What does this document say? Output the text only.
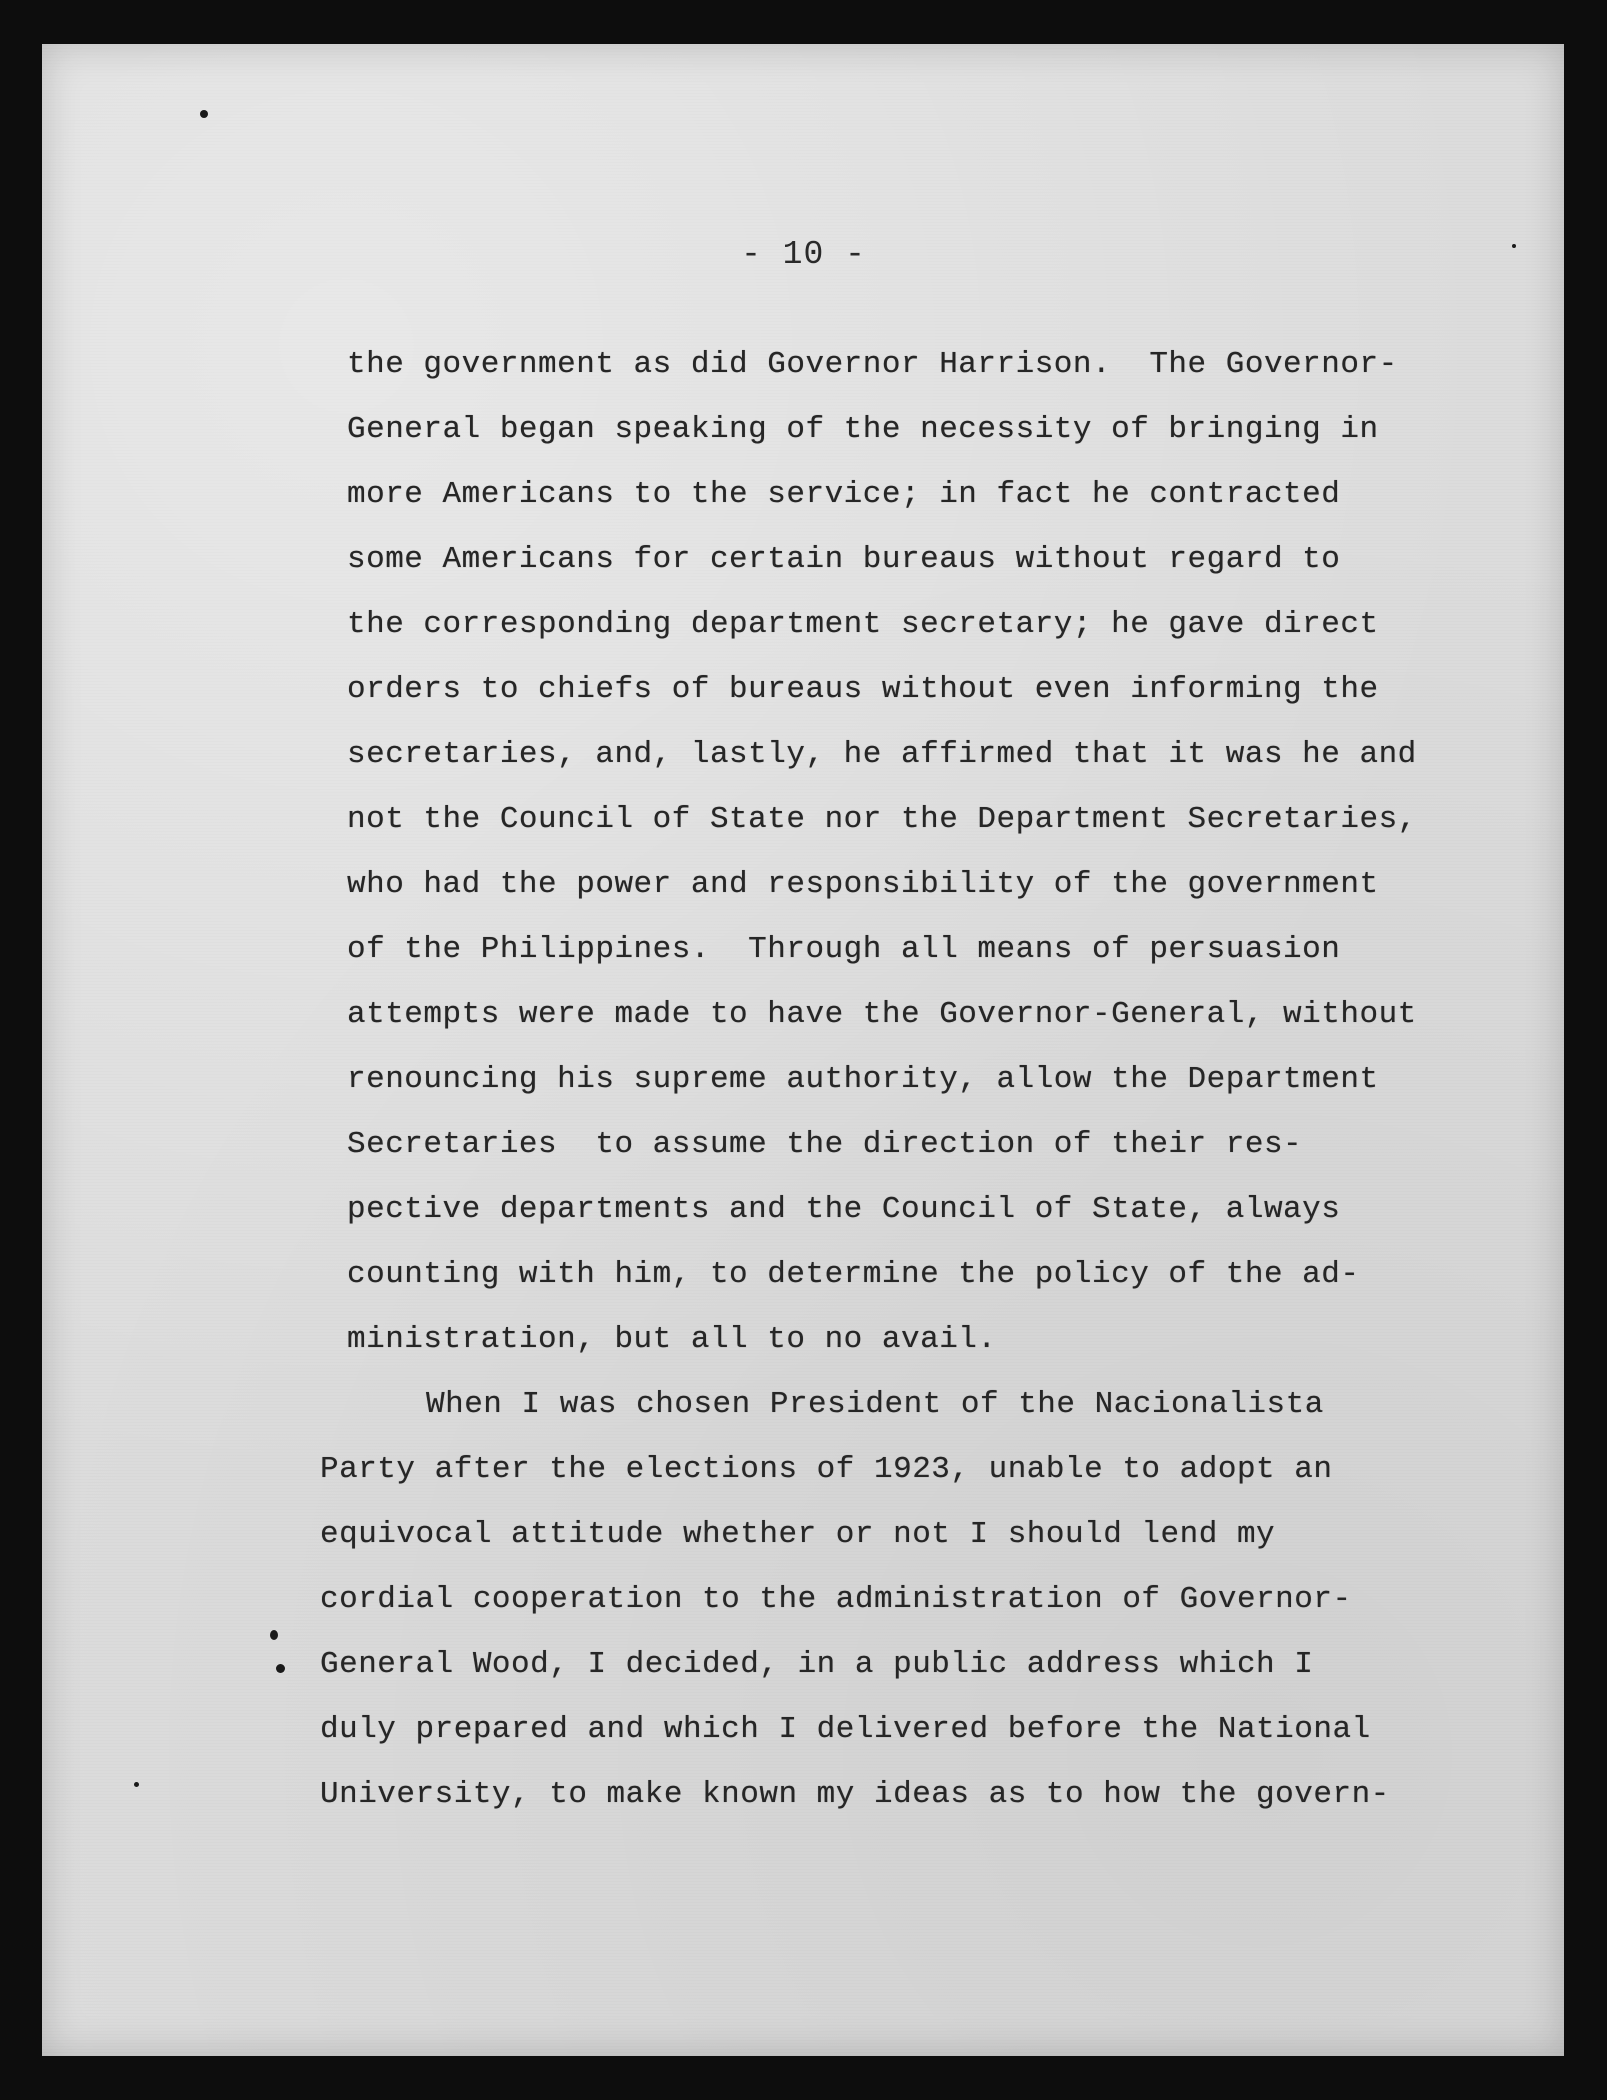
- 10 -
the government as did Governor Harrison.  The Governor-
General began speaking of the necessity of bringing in
more Americans to the service; in fact he contracted
some Americans for certain bureaus without regard to
the corresponding department secretary; he gave direct
orders to chiefs of bureaus without even informing the
secretaries, and, lastly, he affirmed that it was he and
not the Council of State nor the Department Secretaries,
who had the power and responsibility of the government
of the Philippines.  Through all means of persuasion
attempts were made to have the Governor-General, without
renouncing his supreme authority, allow the Department
Secretaries  to assume the direction of their res-
pective departments and the Council of State, always
counting with him, to determine the policy of the ad-
ministration, but all to no avail.
When I was chosen President of the Nacionalista
Party after the elections of 1923, unable to adopt an
equivocal attitude whether or not I should lend my
cordial cooperation to the administration of Governor-
General Wood, I decided, in a public address which I
duly prepared and which I delivered before the National
University, to make known my ideas as to how the govern-
